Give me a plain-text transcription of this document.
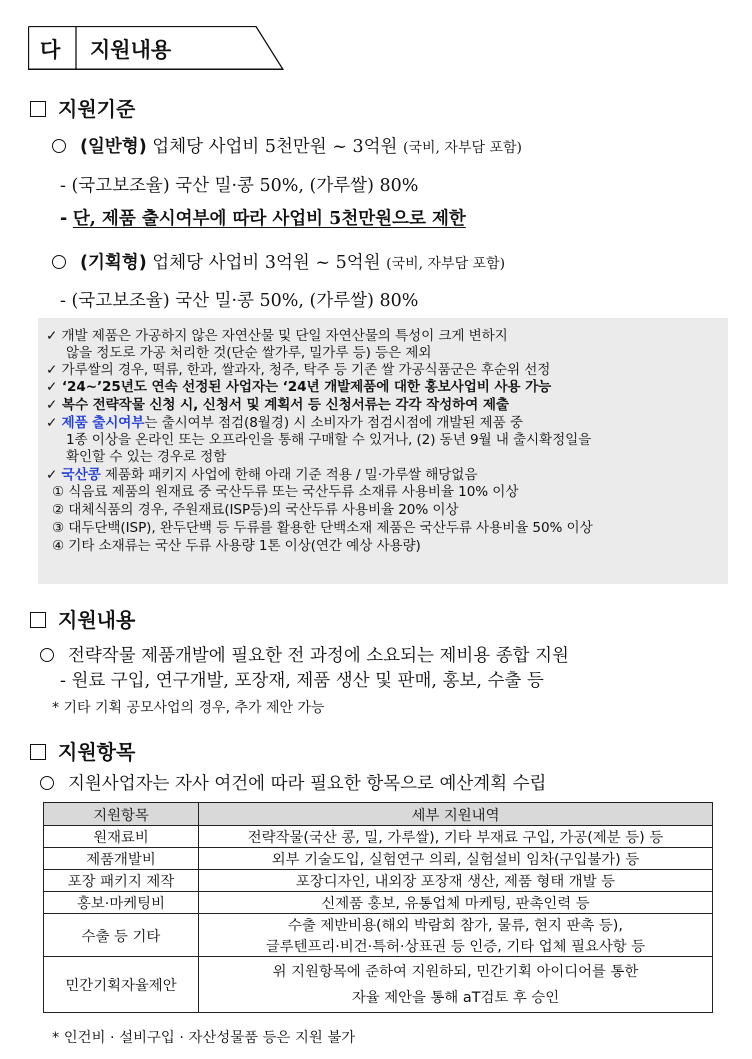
다 지원내용
지원기준
(일반형) 업체당 사업비 5천만원 ~ 3억원 (국비, 자부담 포함)
- (국고보조율) 국산 밀·콩 50%, (가루쌀) 80%
- 단, 제품 출시여부에 따라 사업비 5천만원으로 제한
(기획형) 업체당 사업비 3억원 ~ 5억원 (국비, 자부담 포함)
- (국고보조율) 국산 밀·콩 50%, (가루쌀) 80%
✓ 개발 제품은 가공하지 않은 자연산물 및 단일 자연산물의 특성이 크게 변하지
않을 정도로 가공 처리한 것(단순 쌀가루, 밀가루 등) 등은 제외
✓ 가루쌀의 경우, 떡류, 한과, 쌀과자, 청주, 탁주 등 기존 쌀 가공식품군은 후순위 선정
✓ ‘24~’25년도 연속 선정된 사업자는 ‘24년 개발제품에 대한 홍보사업비 사용 가능
✓ 복수 전략작물 신청 시, 신청서 및 계획서 등 신청서류는 각각 작성하여 제출
✓ 제품 출시여부는 출시여부 점검(8월경) 시 소비자가 점검시점에 개발된 제품 중
1종 이상을 온라인 또는 오프라인을 통해 구매할 수 있거나, (2) 동년 9월 내 출시확정일을
확인할 수 있는 경우로 정함
✓ 국산콩 제품화 패키지 사업에 한해 아래 기준 적용 / 밀·가루쌀 해당없음
① 식음료 제품의 원재료 중 국산두류 또는 국산두류 소재류 사용비율 10% 이상
② 대체식품의 경우, 주원재료(ISP등)의 국산두류 사용비율 20% 이상
③ 대두단백(ISP), 완두단백 등 두류를 활용한 단백소재 제품은 국산두류 사용비율 50% 이상
④ 기타 소재류는 국산 두류 사용량 1톤 이상(연간 예상 사용량)
지원내용
전략작물 제품개발에 필요한 전 과정에 소요되는 제비용 종합 지원
- 원료 구입, 연구개발, 포장재, 제품 생산 및 판매, 홍보, 수출 등
* 기타 기획 공모사업의 경우, 추가 제안 가능
지원항목
지원사업자는 자사 여건에 따라 필요한 항목으로 예산계획 수립
지원항목	세부 지원내역
원재료비	전략작물(국산 콩, 밀, 가루쌀), 기타 부재료 구입, 가공(제분 등) 등
제품개발비	외부 기술도입, 실험연구 의뢰, 실험설비 임차(구입불가) 등
포장 패키지 제작	포장디자인, 내외장 포장재 생산, 제품 형태 개발 등
홍보·마케팅비	신제품 홍보, 유통업체 마케팅, 판촉인력 등
수출 등 기타	수출 제반비용(해외 박람회 참가, 물류, 현지 판촉 등),
글루텐프리·비건·특허·상표권 등 인증, 기타 업체 필요사항 등

민간기획자율제안	위 지원항목에 준하여 지원하되, 민간기획 아이디어를 통한
자율 제안을 통해 aT검토 후 승인
* 인건비 · 설비구입 · 자산성물품 등은 지원 불가
